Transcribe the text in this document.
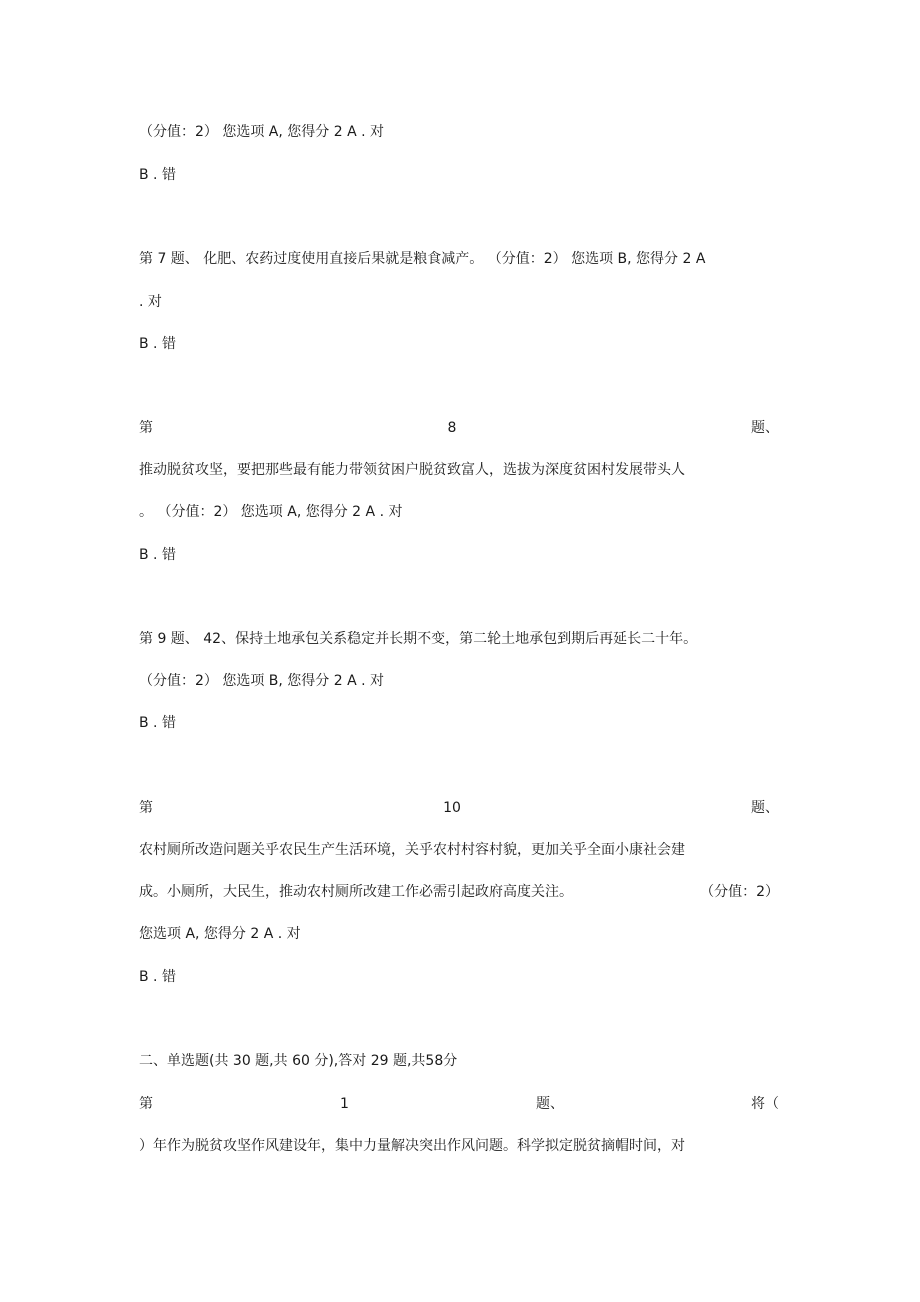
（分值：2） 您选项 A, 您得分 2 A . 对
B . 错
第 7 题、 化肥、农药过度使用直接后果就是粮食减产。 （分值：2） 您选项 B, 您得分 2 A
. 对
B . 错
第	8	题、
推动脱贫攻坚，要把那些最有能力带领贫困户脱贫致富人，选拔为深度贫困村发展带头人
。 （分值：2） 您选项 A, 您得分 2 A . 对
B . 错
第 9 题、 42、保持土地承包关系稳定并长期不变，第二轮土地承包到期后再延长二十年。
（分值：2） 您选项 B, 您得分 2 A . 对
B . 错
第	10	题、
农村厕所改造问题关乎农民生产生活环境，关乎农村村容村貌，更加关乎全面小康社会建
成。小厕所，大民生，推动农村厕所改建工作必需引起政府高度关注。	（分值：2）
您选项 A, 您得分 2 A . 对
B . 错
二、单选题(共 30 题,共 60 分),答对 29 题,共58分
第	1	题、	将（
）年作为脱贫攻坚作风建设年，集中力量解决突出作风问题。科学拟定脱贫摘帽时间，对
